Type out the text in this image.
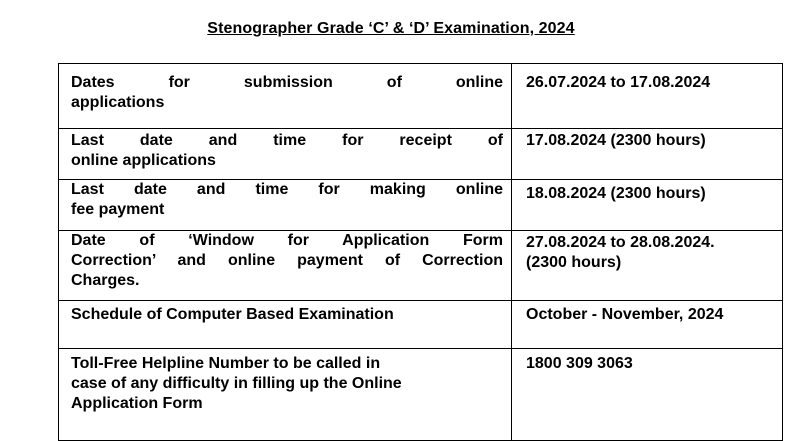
Stenographer Grade ‘C’ & ‘D’ Examination, 2024
Dates for submission of online
applications	26.07.2024 to 17.08.2024

Last date and time for receipt of
online applications	17.08.2024 (2300 hours)

Last date and time for making online
fee payment	18.08.2024 (2300 hours)

Date of ‘Window for Application Form
Correction’ and online payment of Correction
Charges.	27.08.2024 to 28.08.2024.
(2300 hours)

Schedule of Computer Based Examination	October - November, 2024

Toll-Free Helpline Number to be called in
case of any difficulty in filling up the Online
Application Form	1800 309 3063
